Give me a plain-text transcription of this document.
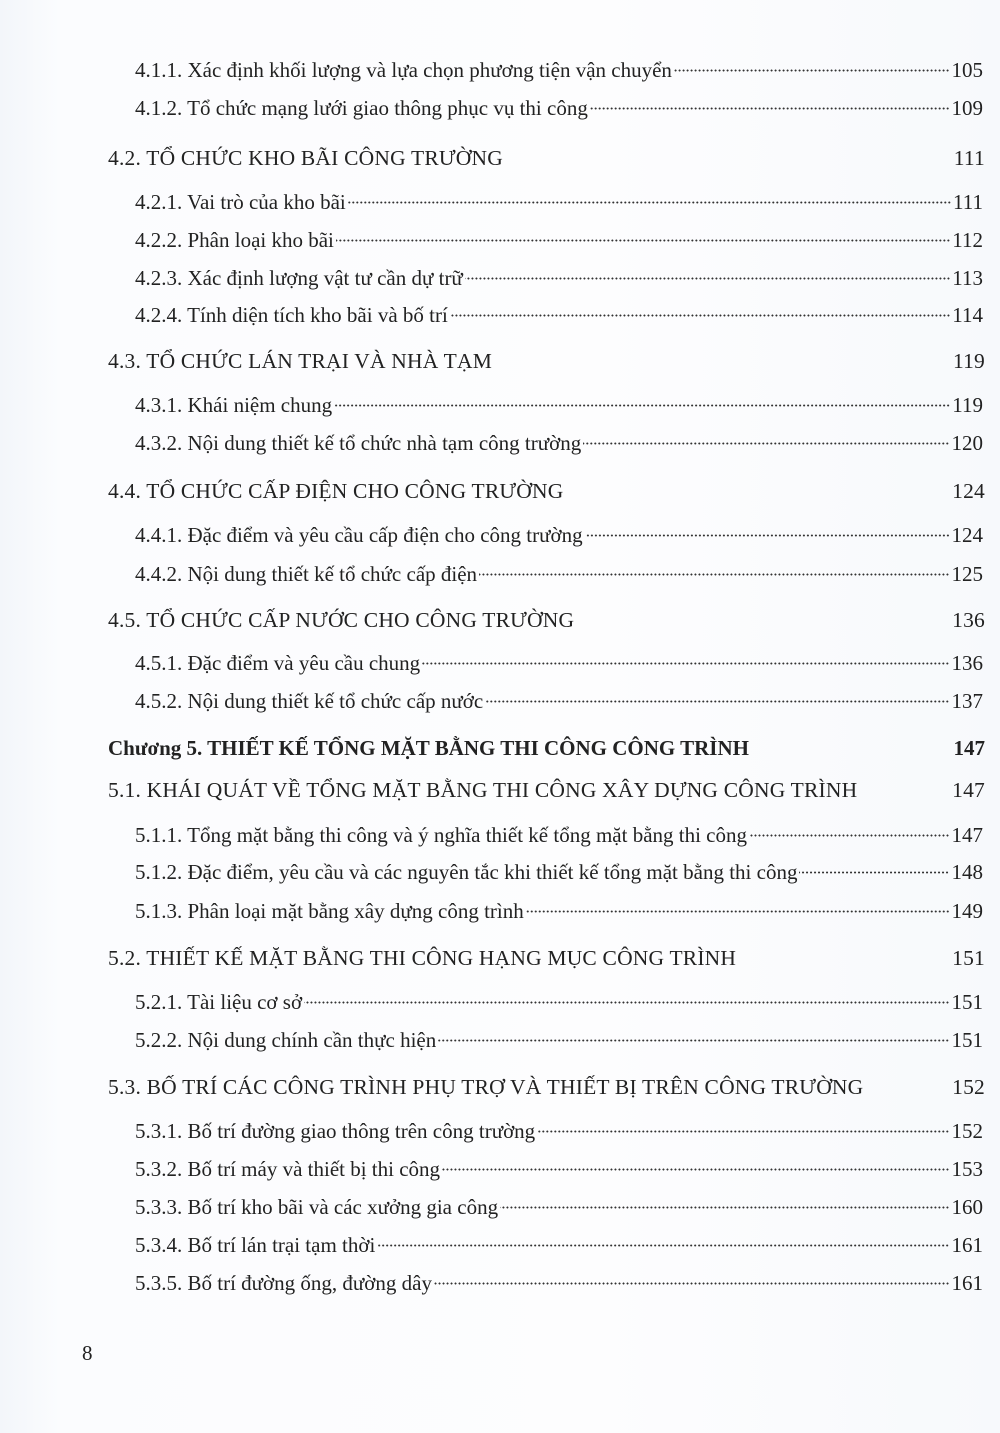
4.1.1. Xác định khối lượng và lựa chọn phương tiện vận chuyển	105
4.1.2. Tổ chức mạng lưới giao thông phục vụ thi công	109
4.2. TỔ CHỨC KHO BÃI CÔNG TRƯỜNG	111
4.2.1. Vai trò của kho bãi	111
4.2.2. Phân loại kho bãi	112
4.2.3. Xác định lượng vật tư cần dự trữ	113
4.2.4. Tính diện tích kho bãi và bố trí	114
4.3. TỔ CHỨC LÁN TRẠI VÀ NHÀ TẠM	119
4.3.1. Khái niệm chung	119
4.3.2. Nội dung thiết kế tổ chức nhà tạm công trường	120
4.4. TỔ CHỨC CẤP ĐIỆN CHO CÔNG TRƯỜNG	124
4.4.1. Đặc điểm và yêu cầu cấp điện cho công trường	124
4.4.2. Nội dung thiết kế tổ chức cấp điện	125
4.5. TỔ CHỨC CẤP NƯỚC CHO CÔNG TRƯỜNG	136
4.5.1. Đặc điểm và yêu cầu chung	136
4.5.2. Nội dung thiết kế tổ chức cấp nước	137
Chương 5. THIẾT KẾ TỔNG MẶT BẰNG THI CÔNG CÔNG TRÌNH	147
5.1. KHÁI QUÁT VỀ TỔNG MẶT BẰNG THI CÔNG XÂY DỰNG CÔNG TRÌNH	147
5.1.1. Tổng mặt bằng thi công và ý nghĩa thiết kế tổng mặt bằng thi công	147
5.1.2. Đặc điểm, yêu cầu và các nguyên tắc khi thiết kế tổng mặt bằng thi công	148
5.1.3. Phân loại mặt bằng xây dựng công trình	149
5.2. THIẾT KẾ MẶT BẰNG THI CÔNG HẠNG MỤC CÔNG TRÌNH	151
5.2.1. Tài liệu cơ sở	151
5.2.2. Nội dung chính cần thực hiện	151
5.3. BỐ TRÍ CÁC CÔNG TRÌNH PHỤ TRỢ VÀ THIẾT BỊ TRÊN CÔNG TRƯỜNG	152
5.3.1. Bố trí đường giao thông trên công trường	152
5.3.2. Bố trí máy và thiết bị thi công	153
5.3.3. Bố trí kho bãi và các xưởng gia công	160
5.3.4. Bố trí lán trại tạm thời	161
5.3.5. Bố trí đường ống, đường dây	161
8
